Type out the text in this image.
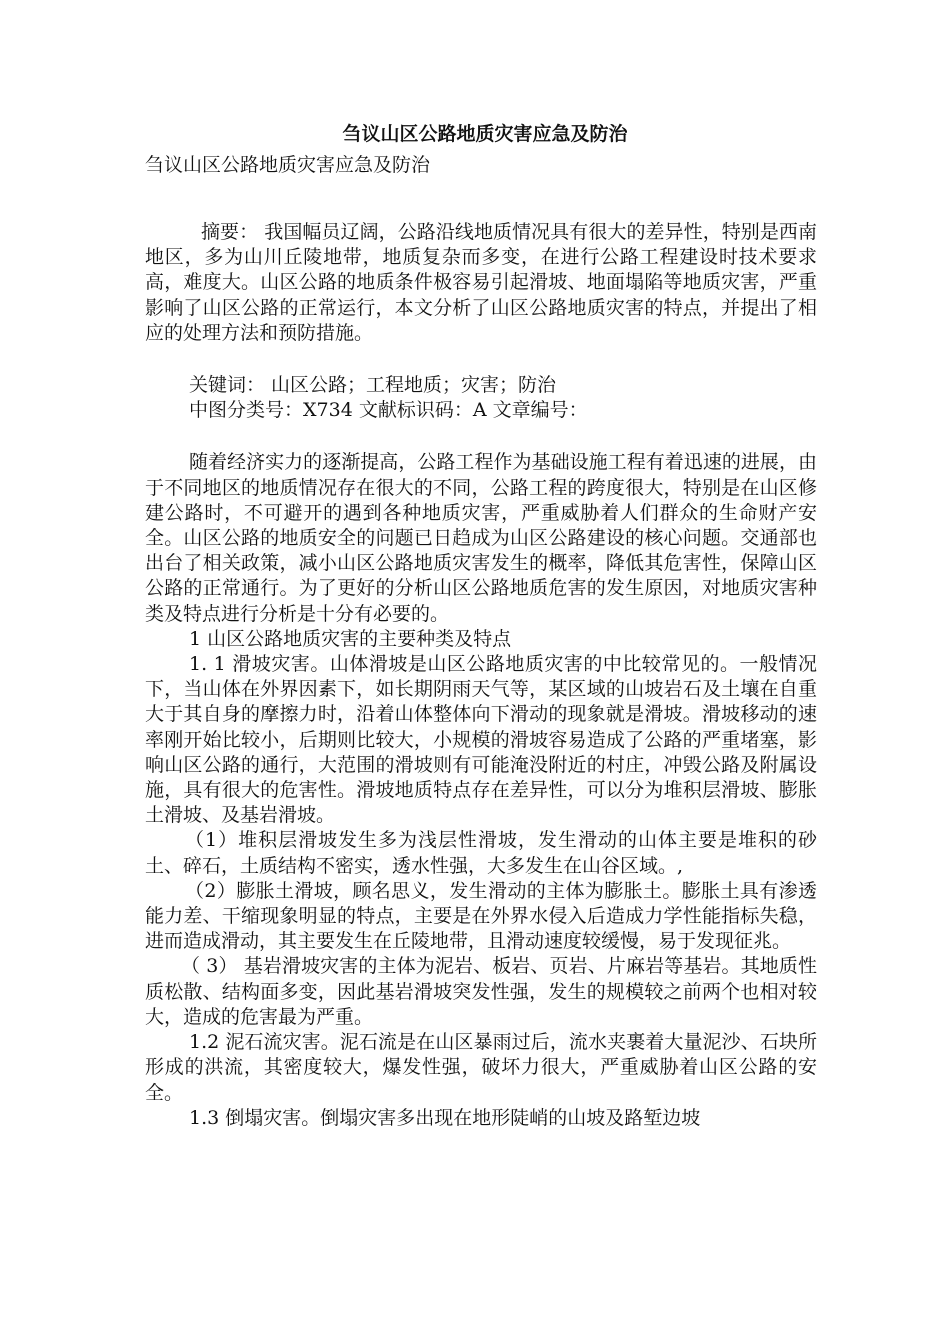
刍议山区公路地质灾害应急及防治

刍议山区公路地质灾害应急及防治

摘要： 我国幅员辽阔，公路沿线地质情况具有很大的差异性，特别是西南地区，多为山川丘陵地带，地质复杂而多变，在进行公路工程建设时技术要求高，难度大。山区公路的地质条件极容易引起滑坡、地面塌陷等地质灾害，严重影响了山区公路的正常运行，本文分析了山区公路地质灾害的特点，并提出了相应的处理方法和预防措施。

关键词： 山区公路；工程地质；灾害；防治

中图分类号：X734 文献标识码：A 文章编号：

随着经济实力的逐渐提高，公路工程作为基础设施工程有着迅速的进展，由于不同地区的地质情况存在很大的不同，公路工程的跨度很大，特别是在山区修建公路时，不可避开的遇到各种地质灾害，严重威胁着人们群众的生命财产安全。山区公路的地质安全的问题已日趋成为山区公路建设的核心问题。交通部也出台了相关政策，减小山区公路地质灾害发生的概率，降低其危害性，保障山区公路的正常通行。为了更好的分析山区公路地质危害的发生原因，对地质灾害种类及特点进行分析是十分有必要的。

1 山区公路地质灾害的主要种类及特点

1. 1 滑坡灾害。山体滑坡是山区公路地质灾害的中比较常见的。一般情况下，当山体在外界因素下，如长期阴雨天气等，某区域的山坡岩石及土壤在自重大于其自身的摩擦力时，沿着山体整体向下滑动的现象就是滑坡。滑坡移动的速率刚开始比较小，后期则比较大，小规模的滑坡容易造成了公路的严重堵塞，影响山区公路的通行，大范围的滑坡则有可能淹没附近的村庄，冲毁公路及附属设施，具有很大的危害性。滑坡地质特点存在差异性，可以分为堆积层滑坡、膨胀土滑坡、及基岩滑坡。

（1）堆积层滑坡发生多为浅层性滑坡，发生滑动的山体主要是堆积的砂土、碎石，土质结构不密实，透水性强，大多发生在山谷区域。,

（2）膨胀土滑坡，顾名思义，发生滑动的主体为膨胀土。膨胀土具有渗透能力差、干缩现象明显的特点，主要是在外界水侵入后造成力学性能指标失稳，进而造成滑动，其主要发生在丘陵地带，且滑动速度较缓慢，易于发现征兆。

（ 3） 基岩滑坡灾害的主体为泥岩、板岩、页岩、片麻岩等基岩。其地质性质松散、结构面多变，因此基岩滑坡突发性强，发生的规模较之前两个也相对较大，造成的危害最为严重。

1.2 泥石流灾害。泥石流是在山区暴雨过后，流水夹裹着大量泥沙、石块所形成的洪流，其密度较大，爆发性强，破坏力很大，严重威胁着山区公路的安全。

1.3 倒塌灾害。倒塌灾害多出现在地形陡峭的山坡及路堑边坡
